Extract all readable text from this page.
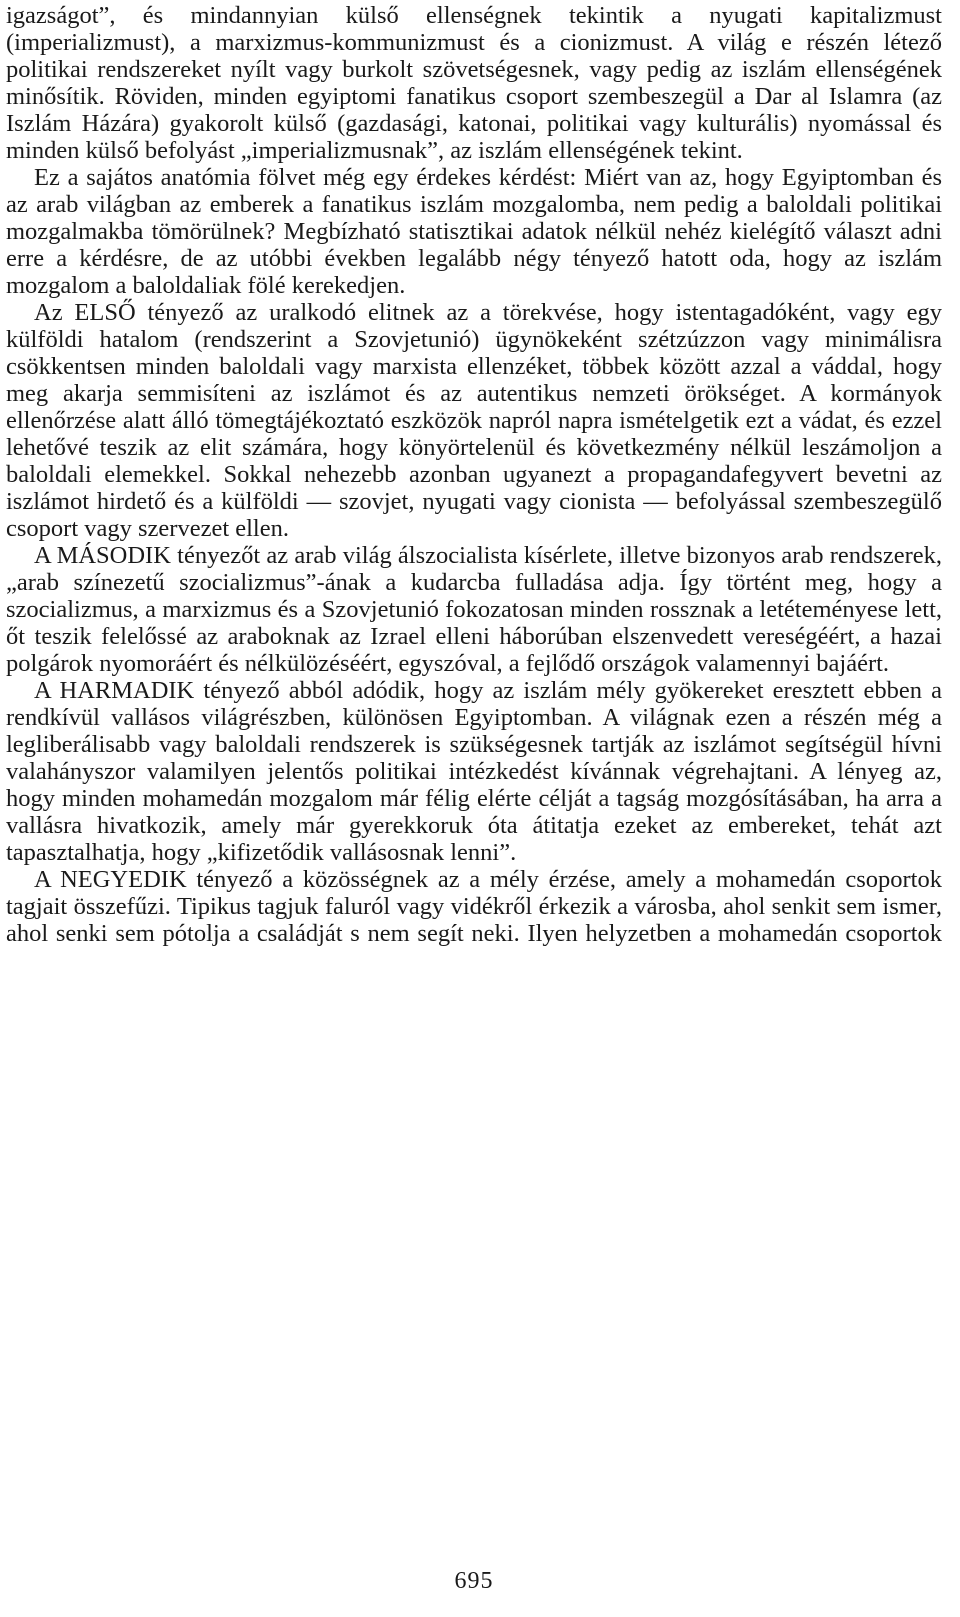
igazságot”, és mindannyian külső ellenségnek tekintik a nyugati kapitalizmust (imperializmust), a marxizmus-kommunizmust és a cionizmust. A világ e részén létező politikai rendszereket nyílt vagy burkolt szövetségesnek, vagy pedig az iszlám ellenségének minősítik. Röviden, minden egyiptomi fanatikus csoport szembeszegül a Dar al Islamra (az Iszlám Házára) gyakorolt külső (gazdasági, katonai, politikai vagy kulturális) nyomással és minden külső befolyást „imperializmusnak”, az iszlám ellenségének tekint.

Ez a sajátos anatómia fölvet még egy érdekes kérdést: Miért van az, hogy Egyiptomban és az arab világban az emberek a fanatikus iszlám mozgalomba, nem pedig a baloldali politikai mozgalmakba tömörülnek? Megbízható statisztikai adatok nélkül nehéz kielégítő választ adni erre a kérdésre, de az utóbbi években legalább négy tényező hatott oda, hogy az iszlám mozgalom a baloldaliak fölé kerekedjen.

Az ELSŐ tényező az uralkodó elitnek az a törekvése, hogy istentagadóként, vagy egy külföldi hatalom (rendszerint a Szovjetunió) ügynökeként szétzúzzon vagy minimálisra csökkentsen minden baloldali vagy marxista ellenzéket, többek között azzal a váddal, hogy meg akarja semmisíteni az iszlámot és az autentikus nemzeti örökséget. A kormányok ellenőrzése alatt álló tömegtájékoztató eszközök napról napra ismételgetik ezt a vádat, és ezzel lehetővé teszik az elit számára, hogy könyörtelenül és következmény nélkül leszámoljon a baloldali elemekkel. Sokkal nehezebb azonban ugyanezt a propagandafegyvert bevetni az iszlámot hirdető és a külföldi — szovjet, nyugati vagy cionista — befolyással szembeszegülő csoport vagy szervezet ellen.

A MÁSODIK tényezőt az arab világ álszocialista kísérlete, illetve bizonyos arab rendszerek, „arab színezetű szocializmus”-ának a kudarcba fulladása adja. Így történt meg, hogy a szocializmus, a marxizmus és a Szovjetunió fokozatosan minden rossznak a letéteményese lett, őt teszik felelőssé az araboknak az Izrael elleni háborúban elszenvedett vereségéért, a hazai polgárok nyomoráért és nélkülözéséért, egyszóval, a fejlődő országok valamennyi bajáért.

A HARMADIK tényező abból adódik, hogy az iszlám mély gyökereket eresztett ebben a rendkívül vallásos világrészben, különösen Egyiptomban. A világnak ezen a részén még a legliberálisabb vagy baloldali rendszerek is szükségesnek tartják az iszlámot segítségül hívni valahányszor valamilyen jelentős politikai intézkedést kívánnak végrehajtani. A lényeg az, hogy minden mohamedán mozgalom már félig elérte célját a tagság mozgósításában, ha arra a vallásra hivatkozik, amely már gyerekkoruk óta átitatja ezeket az embereket, tehát azt tapasztalhatja, hogy „kifizetődik vallásosnak lenni”.

A NEGYEDIK tényező a közösségnek az a mély érzése, amely a mohamedán csoportok tagjait összefűzi. Tipikus tagjuk faluról vagy vidékről érkezik a városba, ahol senkit sem ismer, ahol senki sem pótolja a családját s nem segít neki. Ilyen helyzetben a mohamedán csoportok

695
